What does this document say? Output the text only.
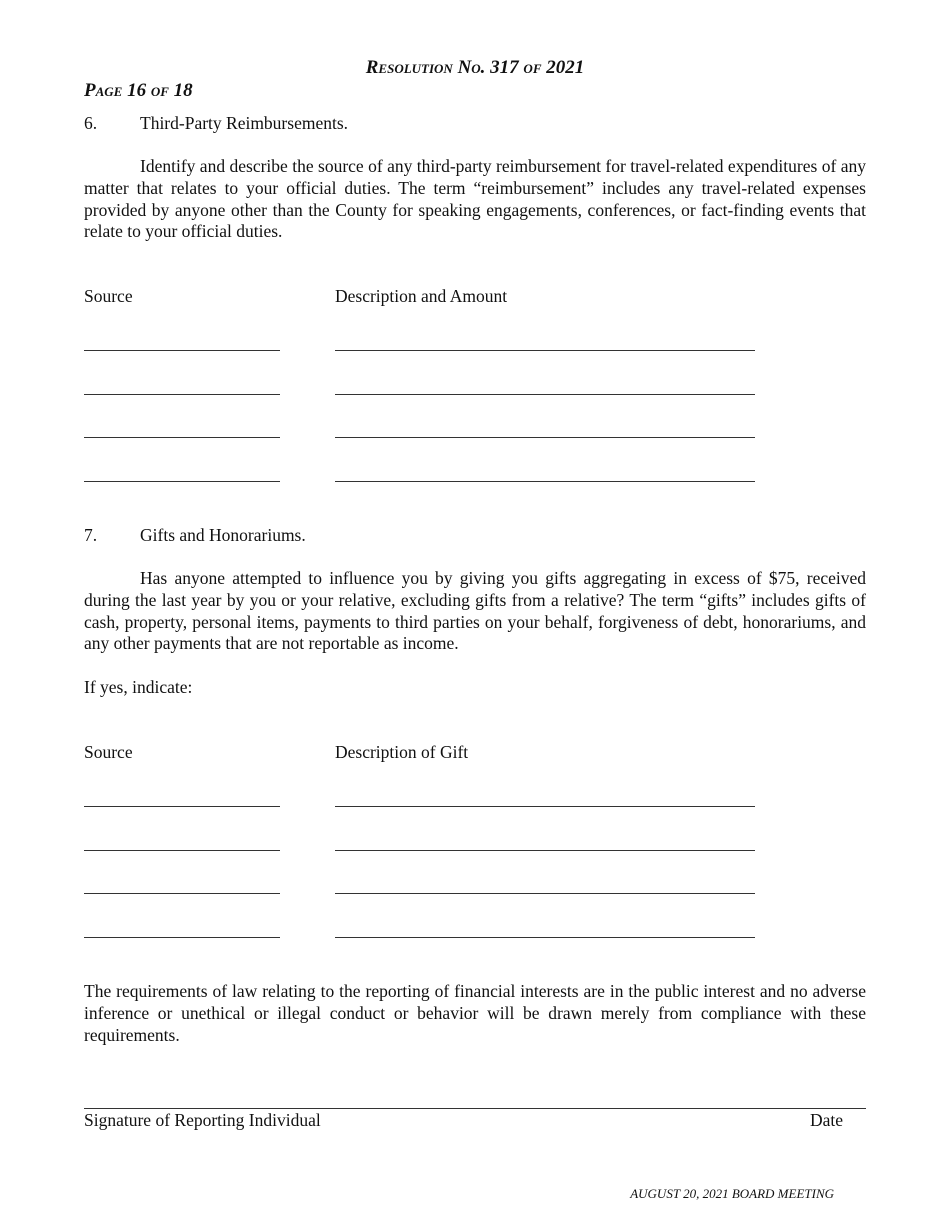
Resolution No. 317 of 2021
Page 16 of 18
6. Third-Party Reimbursements.
Identify and describe the source of any third-party reimbursement for travel-related expenditures of any matter that relates to your official duties. The term “reimbursement” includes any travel-related expenses provided by anyone other than the County for speaking engagements, conferences, or fact-finding events that relate to your official duties.
Source	Description and Amount
7. Gifts and Honorariums.
Has anyone attempted to influence you by giving you gifts aggregating in excess of $75, received during the last year by you or your relative, excluding gifts from a relative? The term “gifts” includes gifts of cash, property, personal items, payments to third parties on your behalf, forgiveness of debt, honorariums, and any other payments that are not reportable as income.
If yes, indicate:
Source	Description of Gift
The requirements of law relating to the reporting of financial interests are in the public interest and no adverse inference or unethical or illegal conduct or behavior will be drawn merely from compliance with these requirements.
Signature of Reporting Individual	Date
AUGUST 20, 2021 BOARD MEETING
